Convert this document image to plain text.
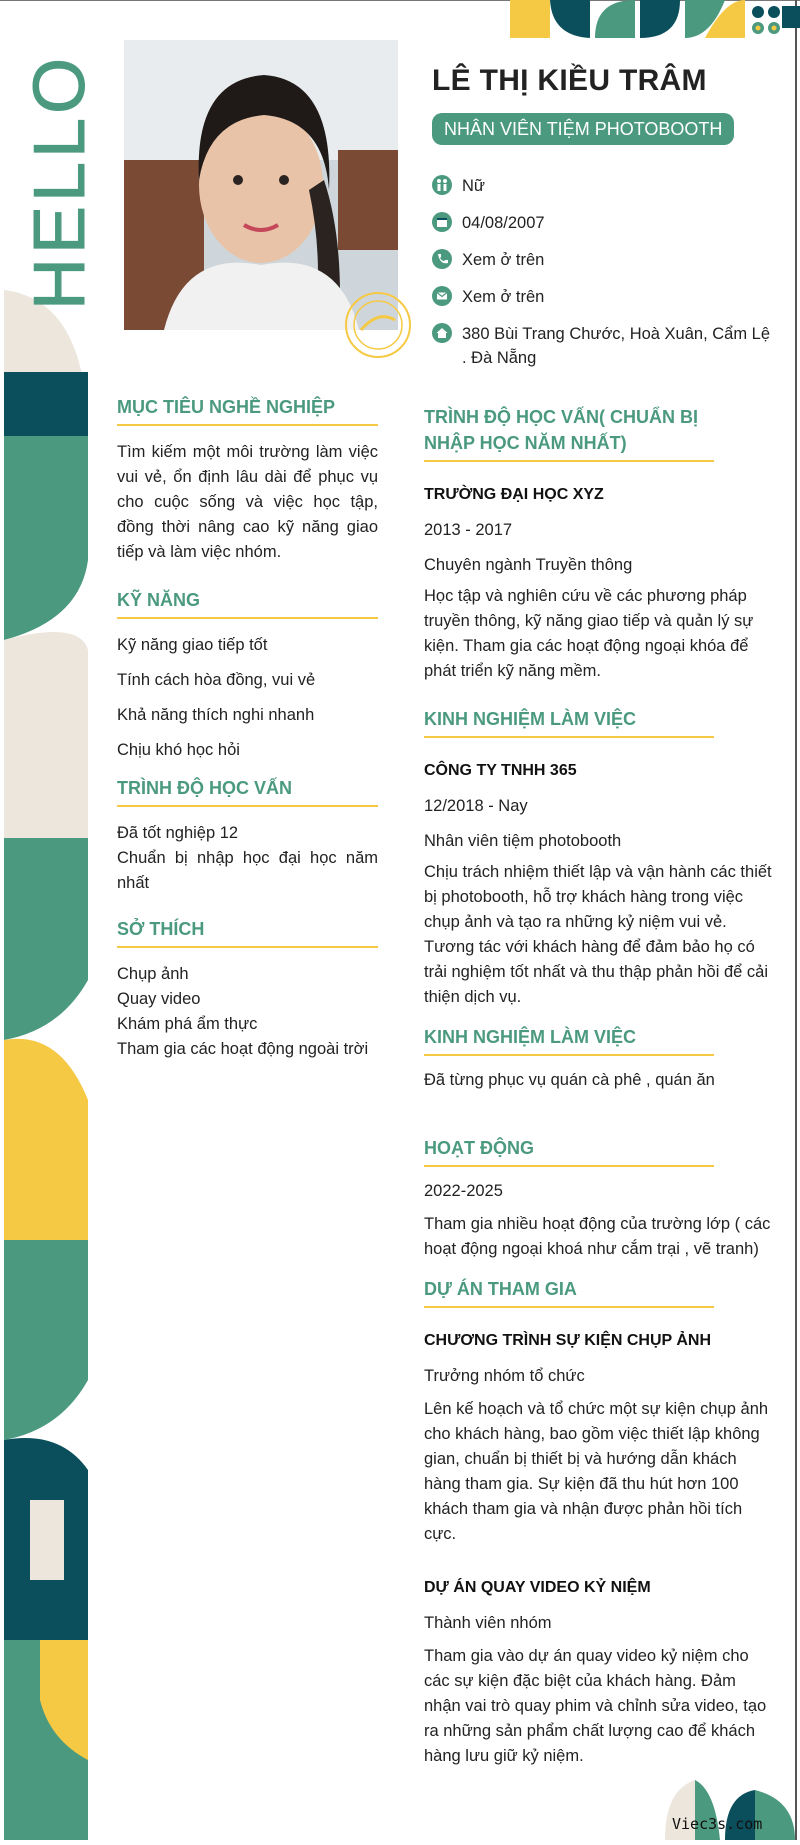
HELLO	LÊ THỊ KIỀU TRÂM
NHÂN VIÊN TIỆM PHOTOBOOTH
Nữ
04/08/2007
Xem ở trên
Xem ở trên
380 Bùi Trang Chước, Hoà Xuân, Cẩm Lệ . Đà Nẵng
MỤC TIÊU NGHỀ NGHIỆP
Tìm kiếm một môi trường làm việc vui vẻ, ổn định lâu dài để phục vụ cho cuộc sống và việc học tập, đồng thời nâng cao kỹ năng giao tiếp và làm việc nhóm.
KỸ NĂNG
Kỹ năng giao tiếp tốt
Tính cách hòa đồng, vui vẻ
Khả năng thích nghi nhanh
Chịu khó học hỏi
TRÌNH ĐỘ HỌC VẤN
Đã tốt nghiệp 12
Chuẩn bị nhập học đại học năm nhất
SỞ THÍCH
Chụp ảnh
Quay video
Khám phá ẩm thực
Tham gia các hoạt động ngoài trời
TRÌNH ĐỘ HỌC VẤN( CHUẨN BỊ NHẬP HỌC NĂM NHẤT)
TRƯỜNG ĐẠI HỌC XYZ
2013 - 2017
Chuyên ngành Truyền thông
Học tập và nghiên cứu về các phương pháp truyền thông, kỹ năng giao tiếp và quản lý sự kiện. Tham gia các hoạt động ngoại khóa để phát triển kỹ năng mềm.
KINH NGHIỆM LÀM VIỆC
CÔNG TY TNHH 365
12/2018 - Nay
Nhân viên tiệm photobooth
Chịu trách nhiệm thiết lập và vận hành các thiết bị photobooth, hỗ trợ khách hàng trong việc chụp ảnh và tạo ra những kỷ niệm vui vẻ. Tương tác với khách hàng để đảm bảo họ có trải nghiệm tốt nhất và thu thập phản hồi để cải thiện dịch vụ.
KINH NGHIỆM LÀM VIỆC
Đã từng phục vụ quán cà phê , quán ăn
HOẠT ĐỘNG
2022-2025
Tham gia nhiều hoạt động của trường lớp ( các hoạt động ngoại khoá như cắm trại , vẽ tranh)
DỰ ÁN THAM GIA
CHƯƠNG TRÌNH SỰ KIỆN CHỤP ẢNH
Trưởng nhóm tổ chức
Lên kế hoạch và tổ chức một sự kiện chụp ảnh cho khách hàng, bao gồm việc thiết lập không gian, chuẩn bị thiết bị và hướng dẫn khách hàng tham gia. Sự kiện đã thu hút hơn 100 khách tham gia và nhận được phản hồi tích cực.
DỰ ÁN QUAY VIDEO KỶ NIỆM
Thành viên nhóm
Tham gia vào dự án quay video kỷ niệm cho các sự kiện đặc biệt của khách hàng. Đảm nhận vai trò quay phim và chỉnh sửa video, tạo ra những sản phẩm chất lượng cao để khách hàng lưu giữ kỷ niệm.
Viec3s.com
